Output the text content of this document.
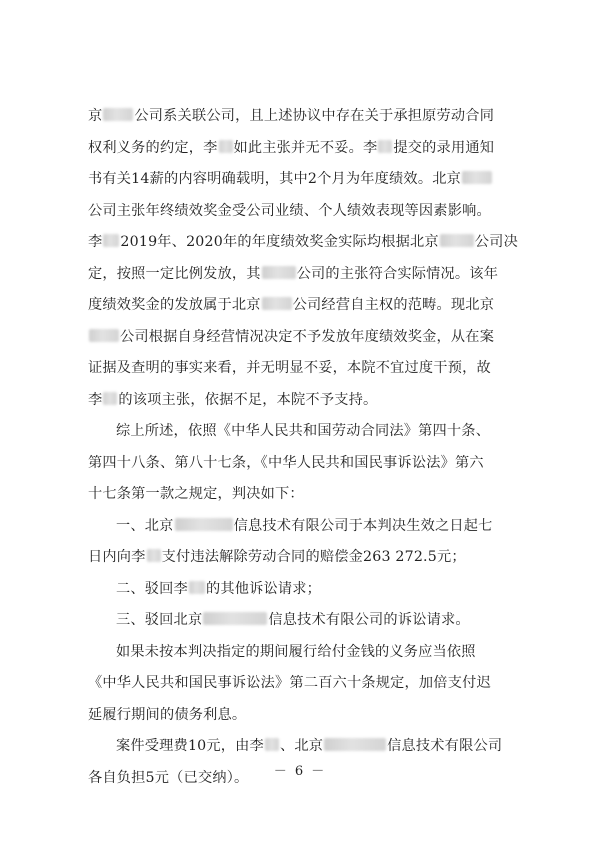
京 公司系关联公司，且上述协议中存在关于承担原劳动合同
权利义务的约定，李 如此主张并无不妥。李 提交的录用通知
书有关14薪的内容明确载明，其中2个月为年度绩效。北京
公司主张年终绩效奖金受公司业绩、个人绩效表现等因素影响。
李 2019年、2020年的年度绩效奖金实际均根据北京	公司决
定，按照一定比例发放，其	公司的主张符合实际情况。该年
度绩效奖金的发放属于北京 公司经营自主权的范畴。现北京
公司根据自身经营情况决定不予发放年度绩效奖金，从在案
证据及查明的事实来看，并无明显不妥，本院不宜过度干预，故
李 的该项主张，依据不足，本院不予支持。
综上所述，依照《中华人民共和国劳动合同法》第四十条、
第四十八条、第八十七条，《中华人民共和国民事诉讼法》第六
十七条第一款之规定，判决如下：
一、北京	信息技术有限公司于本判决生效之日起七
日内向李 支付违法解除劳动合同的赔偿金263 272.5元；
二、驳回李 的其他诉讼请求；
三、驳回北京	信息技术有限公司的诉讼请求。
如果未按本判决指定的期间履行给付金钱的义务应当依照
《中华人民共和国民事诉讼法》第二百六十条规定，加倍支付迟
延履行期间的债务利息。
案件受理费10元，由李 、北京	信息技术有限公司
各自负担5元（已交纳）。	－ 6 －
